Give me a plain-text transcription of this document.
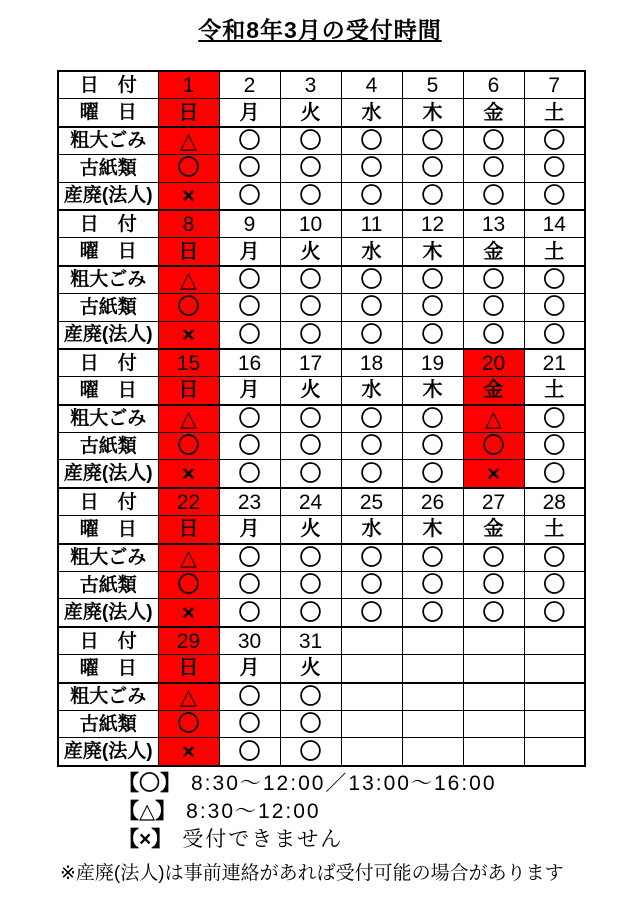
令和8年3月の受付時間
日　付	1	2	3	4	5	6	7
曜　日	日	月	火	水	木	金	土
粗大ごみ	△	〇	〇	〇	〇	〇	〇
古紙類	〇	〇	〇	〇	〇	〇	〇
産廃(法人)	×	〇	〇	〇	〇	〇	〇
日　付	8	9	10	11	12	13	14
曜　日	日	月	火	水	木	金	土
粗大ごみ	△	〇	〇	〇	〇	〇	〇
古紙類	〇	〇	〇	〇	〇	〇	〇
産廃(法人)	×	〇	〇	〇	〇	〇	〇
日　付	15	16	17	18	19	20	21
曜　日	日	月	火	水	木	金	土
粗大ごみ	△	〇	〇	〇	〇	△	〇
古紙類	〇	〇	〇	〇	〇	〇	〇
産廃(法人)	×	〇	〇	〇	〇	×	〇
日　付	22	23	24	25	26	27	28
曜　日	日	月	火	水	木	金	土
粗大ごみ	△	〇	〇	〇	〇	〇	〇
古紙類	〇	〇	〇	〇	〇	〇	〇
産廃(法人)	×	〇	〇	〇	〇	〇	〇
日　付	29	30	31				
曜　日	日	月	火				
粗大ごみ	△	〇	〇				
古紙類	〇	〇	〇				
産廃(法人)	×	〇	〇				
【〇】 8:30～12:00／13:00～16:00
【△】 8:30～12:00
【×】 受付できません
※産廃(法人)は事前連絡があれば受付可能の場合があります
